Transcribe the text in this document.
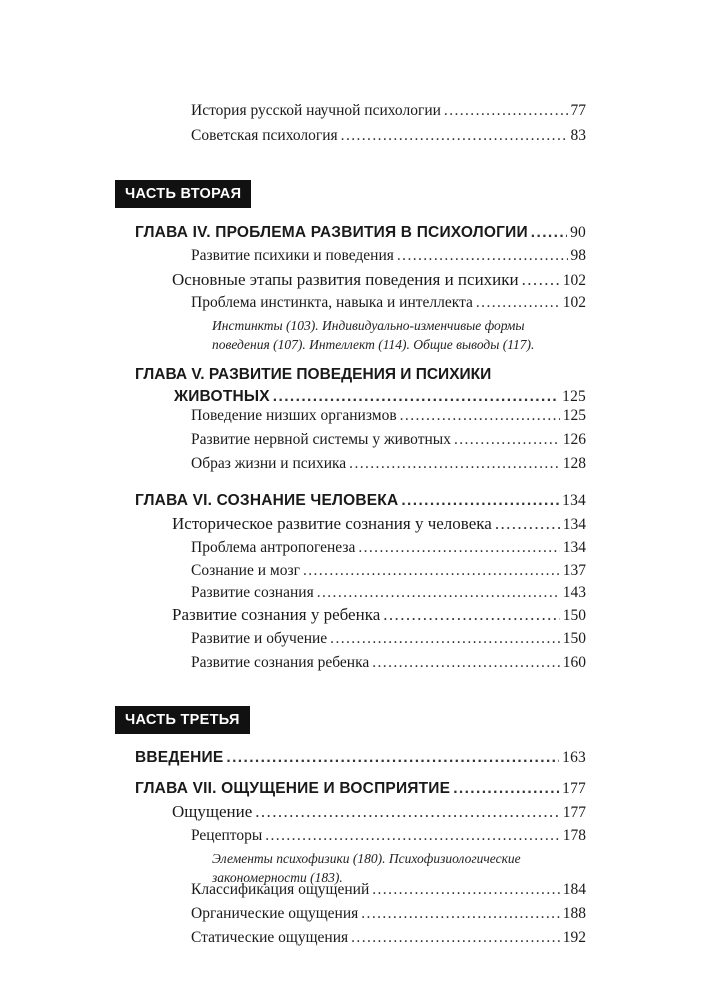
История русской научной психологии .....	77
Советская психология .....	83
ЧАСТЬ ВТОРАЯ
ГЛАВА IV. ПРОБЛЕМА РАЗВИТИЯ В ПСИХОЛОГИИ .....	90
Развитие психики и поведения .....	98
Основные этапы развития поведения и психики .....	102
Проблема инстинкта, навыка и интеллекта .....	102
Инстинкты (103). Индивидуально-изменчивые формы поведения (107). Интеллект (114). Общие выводы (117).
ГЛАВА V. РАЗВИТИЕ ПОВЕДЕНИЯ И ПСИХИКИ
ЖИВОТНЫХ .....	125
Поведение низших организмов .....	125
Развитие нервной системы у животных .....	126
Образ жизни и психика .....	128
ГЛАВА VI. СОЗНАНИЕ ЧЕЛОВЕКА .....	134
Историческое развитие сознания у человека .....	134
Проблема антропогенеза .....	134
Сознание и мозг .....	137
Развитие сознания .....	143
Развитие сознания у ребенка .....	150
Развитие и обучение .....	150
Развитие сознания ребенка .....	160
ЧАСТЬ ТРЕТЬЯ
ВВЕДЕНИЕ .....	163
ГЛАВА VII. ОЩУЩЕНИЕ И ВОСПРИЯТИЕ .....	177
Ощущение .....	177
Рецепторы .....	178
Элементы психофизики (180). Психофизиологические закономерности (183).
Классификация ощущений .....	184
Органические ощущения .....	188
Статические ощущения .....	192
